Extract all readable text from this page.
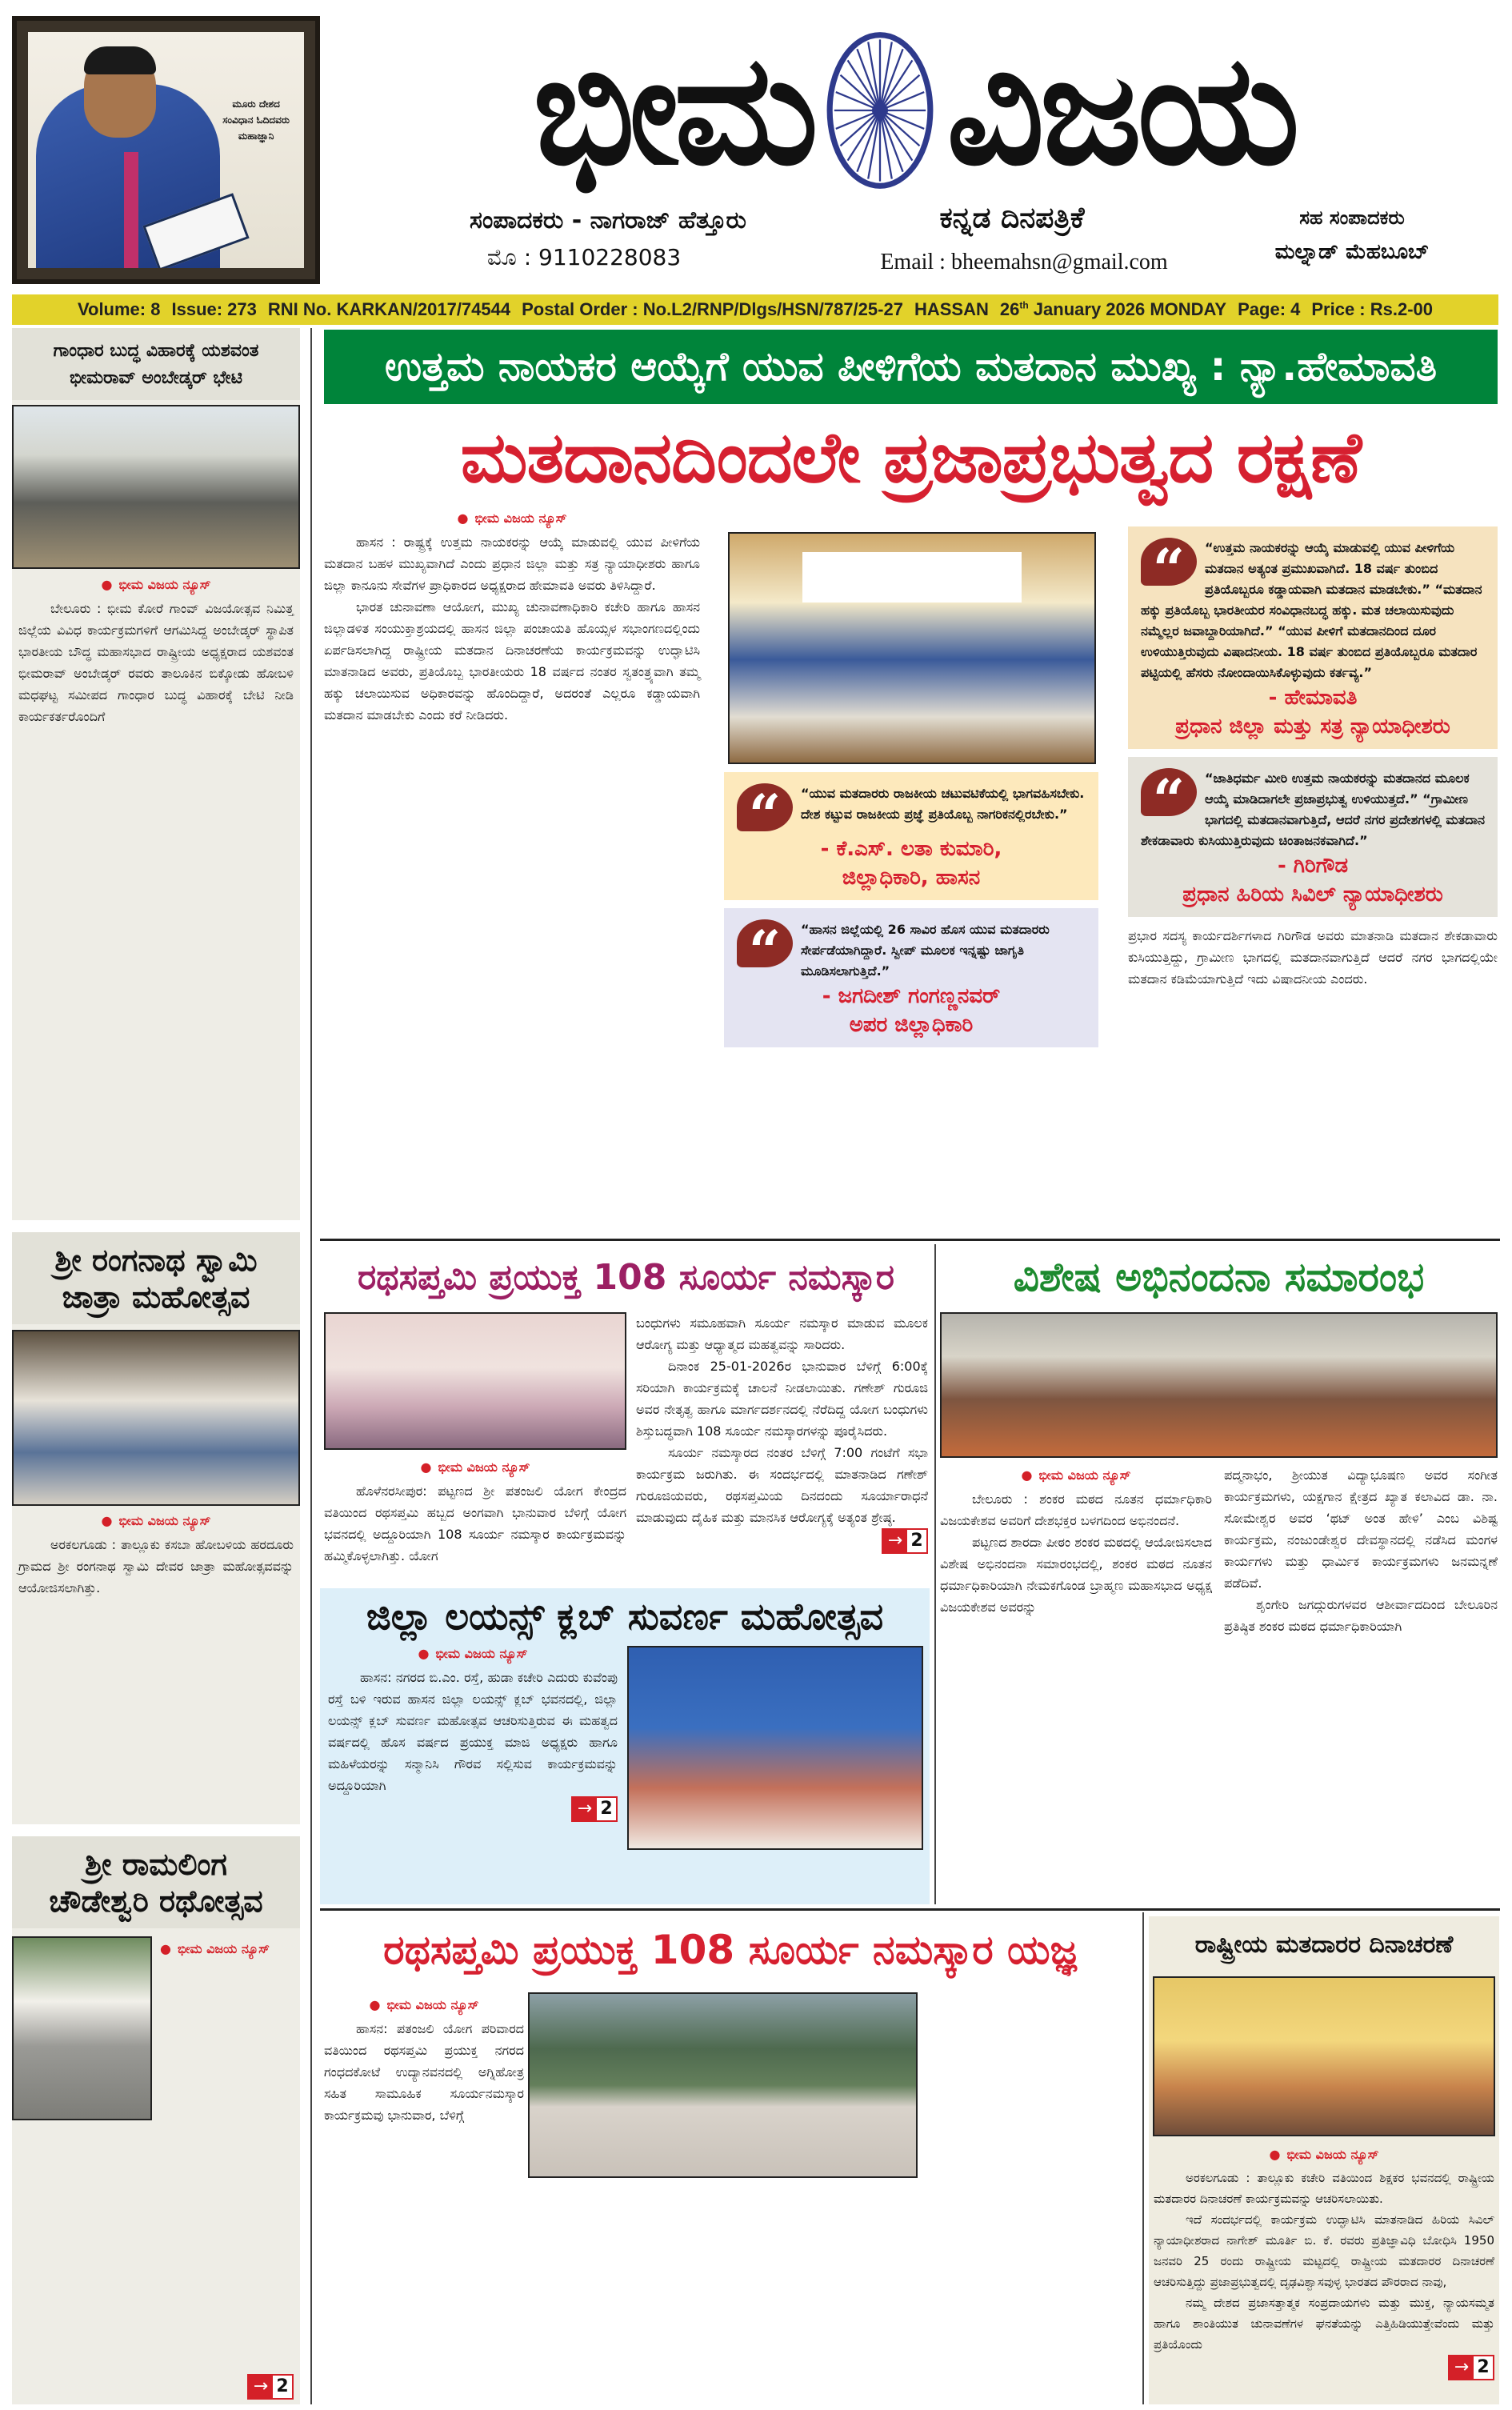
ಮೂರು ದೇಶದ
ಸಂವಿಧಾನ ಓದಿದವರು
ಮಹಾಜ್ಞಾನಿ ಭೀಮ ವಿಜಯ
ಸಂಪಾದಕರು - ನಾಗರಾಜ್ ಹೆತ್ತೂರು
ಮೊ : 9110228083
ಕನ್ನಡ ದಿನಪತ್ರಿಕೆ
Email : bheemahsn@gmail.com
ಸಹ ಸಂಪಾದಕರು
ಮಲ್ನಾಡ್ ಮೆಹಬೂಬ್
Volume: 8 Issue: 273 RNI No. KARKAN/2017/74544 Postal Order : No.L2/RNP/Dlgs/HSN/787/25-27 HASSAN 26th January 2026 MONDAY Page: 4 Price : Rs.2-00
ಗಾಂಧಾರ ಬುದ್ಧ ವಿಹಾರಕ್ಕೆ ಯಶವಂತ
ಭೀಮರಾವ್ ಅಂಬೇಡ್ಕರ್ ಭೇಟಿ
● ಭೀಮ ವಿಜಯ ನ್ಯೂಸ್

ಬೇಲೂರು : ಭೀಮ ಕೋರೆ ಗಾಂವ್ ವಿಜಯೋತ್ಸವ ನಿಮಿತ್ತ ಜಿಲ್ಲೆಯ ವಿವಿಧ ಕಾರ್ಯಕ್ರಮಗಳಿಗೆ ಆಗಮಿಸಿದ್ದ ಅಂಬೇಡ್ಕರ್ ಸ್ಥಾಪಿತ ಭಾರತೀಯ ಬೌದ್ಧ ಮಹಾಸಭಾದ ರಾಷ್ಟ್ರೀಯ ಅಧ್ಯಕ್ಷರಾದ ಯಶವಂತ ಭೀಮರಾವ್ ಅಂಬೇಡ್ಕರ್ ರವರು ತಾಲೂಕಿನ ಬಿಕ್ಕೋಡು ಹೋಬಳಿ ಮಧಘಟ್ಟ ಸಮೀಪದ ಗಾಂಧಾರ ಬುದ್ಧ ವಿಹಾರಕ್ಕೆ ಬೇಟಿ ನೀಡಿ ಕಾರ್ಯಕರ್ತರೊಂದಿಗೆ

ಶ್ರೀ ರಂಗನಾಥ ಸ್ವಾಮಿ
ಜಾತ್ರಾ ಮಹೋತ್ಸವ
● ಭೀಮ ವಿಜಯ ನ್ಯೂಸ್

ಅರಕಲಗೂಡು : ತಾಲ್ಲೂಕು ಕಸಬಾ ಹೋಬಳಿಯ ಹರದೂರು ಗ್ರಾಮದ ಶ್ರೀ ರಂಗನಾಥ ಸ್ವಾಮಿ ದೇವರ ಜಾತ್ರಾ ಮಹೋತ್ಸವವನ್ನು ಆಯೋಜಿಸಲಾಗಿತ್ತು.

ಶ್ರೀ ರಾಮಲಿಂಗ
ಚೌಡೇಶ್ವರಿ ರಥೋತ್ಸವ
● ಭೀಮ ವಿಜಯ ನ್ಯೂಸ್
→ 2
ಉತ್ತಮ ನಾಯಕರ ಆಯ್ಕೆಗೆ ಯುವ ಪೀಳಿಗೆಯ ಮತದಾನ ಮುಖ್ಯ : ನ್ಯಾ.ಹೇಮಾವತಿ
ಮತದಾನದಿಂದಲೇ ಪ್ರಜಾಪ್ರಭುತ್ವದ ರಕ್ಷಣೆ
● ಭೀಮ ವಿಜಯ ನ್ಯೂಸ್

ಹಾಸನ : ರಾಷ್ಟ್ರಕ್ಕೆ ಉತ್ತಮ ನಾಯಕರನ್ನು ಆಯ್ಕೆ ಮಾಡುವಲ್ಲಿ ಯುವ ಪೀಳಿಗೆಯ ಮತದಾನ ಬಹಳ ಮುಖ್ಯವಾಗಿದೆ ಎಂದು ಪ್ರಧಾನ ಜಿಲ್ಲಾ ಮತ್ತು ಸತ್ರ ನ್ಯಾಯಾಧೀಶರು ಹಾಗೂ ಜಿಲ್ಲಾ ಕಾನೂನು ಸೇವೆಗಳ ಪ್ರಾಧಿಕಾರದ ಅಧ್ಯಕ್ಷರಾದ ಹೇಮಾವತಿ ಅವರು ತಿಳಿಸಿದ್ದಾರೆ.

ಭಾರತ ಚುನಾವಣಾ ಆಯೋಗ, ಮುಖ್ಯ ಚುನಾವಣಾಧಿಕಾರಿ ಕಚೇರಿ ಹಾಗೂ ಹಾಸನ ಜಿಲ್ಲಾಡಳಿತ ಸಂಯುಕ್ತಾಶ್ರಯದಲ್ಲಿ ಹಾಸನ ಜಿಲ್ಲಾ ಪಂಚಾಯತಿ ಹೊಯ್ಸಳ ಸಭಾಂಗಣದಲ್ಲಿಂದು ಏರ್ಪಡಿಸಲಾಗಿದ್ದ ರಾಷ್ಟ್ರೀಯ ಮತದಾನ ದಿನಾಚರಣೆಯ ಕಾರ್ಯಕ್ರಮವನ್ನು ಉದ್ಘಾಟಿಸಿ ಮಾತನಾಡಿದ ಅವರು, ಪ್ರತಿಯೊಬ್ಬ ಭಾರತೀಯರು 18 ವರ್ಷದ ನಂತರ ಸ್ವತಂತ್ರ್ಯವಾಗಿ ತಮ್ಮ ಹಕ್ಕು ಚಲಾಯಿಸುವ ಅಧಿಕಾರವನ್ನು ಹೊಂದಿದ್ದಾರೆ, ಅದರಂತೆ ಎಲ್ಲರೂ ಕಡ್ಡಾಯವಾಗಿ ಮತದಾನ ಮಾಡಬೇಕು ಎಂದು ಕರೆ ನೀಡಿದರು.

“	“ಯುವ ಮತದಾರರು ರಾಜಕೀಯ ಚಟುವಟಿಕೆಯಲ್ಲಿ ಭಾಗವಹಿಸಬೇಕು. ದೇಶ ಕಟ್ಟುವ ರಾಜಕೀಯ ಪ್ರಜ್ಞೆ ಪ್ರತಿಯೊಬ್ಬ ನಾಗರಿಕನಲ್ಲಿರಬೇಕು.”
- ಕೆ.ಎಸ್. ಲತಾ ಕುಮಾರಿ,
ಜಿಲ್ಲಾಧಿಕಾರಿ, ಹಾಸನ
“	“ಹಾಸನ ಜಿಲ್ಲೆಯಲ್ಲಿ 26 ಸಾವಿರ ಹೊಸ ಯುವ ಮತದಾರರು ಸೇರ್ಪಡೆಯಾಗಿದ್ದಾರೆ. ಸ್ವೀಪ್ ಮೂಲಕ ಇನ್ನಷ್ಟು ಜಾಗೃತಿ ಮೂಡಿಸಲಾಗುತ್ತಿದೆ.”
- ಜಗದೀಶ್ ಗಂಗಣ್ಣನವರ್
ಅಪರ ಜಿಲ್ಲಾಧಿಕಾರಿ
“	“ಉತ್ತಮ ನಾಯಕರನ್ನು ಆಯ್ಕೆ ಮಾಡುವಲ್ಲಿ ಯುವ ಪೀಳಿಗೆಯ ಮತದಾನ ಅತ್ಯಂತ ಪ್ರಮುಖವಾಗಿದೆ. 18 ವರ್ಷ ತುಂಬಿದ ಪ್ರತಿಯೊಬ್ಬರೂ ಕಡ್ಡಾಯವಾಗಿ ಮತದಾನ ಮಾಡಬೇಕು.” “ಮತದಾನ ಹಕ್ಕು ಪ್ರತಿಯೊಬ್ಬ ಭಾರತೀಯರ ಸಂವಿಧಾನಬದ್ಧ ಹಕ್ಕು. ಮತ ಚಲಾಯಿಸುವುದು ನಮ್ಮೆಲ್ಲರ ಜವಾಬ್ದಾರಿಯಾಗಿದೆ.” “ಯುವ ಪೀಳಿಗೆ ಮತದಾನದಿಂದ ದೂರ ಉಳಿಯುತ್ತಿರುವುದು ವಿಷಾದನೀಯ. 18 ವರ್ಷ ತುಂಬಿದ ಪ್ರತಿಯೊಬ್ಬರೂ ಮತದಾರ ಪಟ್ಟಿಯಲ್ಲಿ ಹೆಸರು ನೋಂದಾಯಿಸಿಕೊಳ್ಳುವುದು ಕರ್ತವ್ಯ.”
- ಹೇಮಾವತಿ
ಪ್ರಧಾನ ಜಿಲ್ಲಾ ಮತ್ತು ಸತ್ರ ನ್ಯಾಯಾಧೀಶರು
“	“ಜಾತಿಧರ್ಮ ಮೀರಿ ಉತ್ತಮ ನಾಯಕರನ್ನು ಮತದಾನದ ಮೂಲಕ ಆಯ್ಕೆ ಮಾಡಿದಾಗಲೇ ಪ್ರಜಾಪ್ರಭುತ್ವ ಉಳಿಯುತ್ತದೆ.” “ಗ್ರಾಮೀಣ ಭಾಗದಲ್ಲಿ ಮತದಾನವಾಗುತ್ತಿದೆ, ಆದರೆ ನಗರ ಪ್ರದೇಶಗಳಲ್ಲಿ ಮತದಾನ ಶೇಕಡಾವಾರು ಕುಸಿಯುತ್ತಿರುವುದು ಚಿಂತಾಜನಕವಾಗಿದೆ.”
- ಗಿರಿಗೌಡ
ಪ್ರಧಾನ ಹಿರಿಯ ಸಿವಿಲ್ ನ್ಯಾಯಾಧೀಶರು

ಪ್ರಭಾರ ಸದಸ್ಯ ಕಾರ್ಯದರ್ಶಿಗಳಾದ ಗಿರಿಗೌಡ ಅವರು ಮಾತನಾಡಿ ಮತದಾನ ಶೇಕಡಾವಾರು ಕುಸಿಯುತ್ತಿದ್ದು, ಗ್ರಾಮೀಣ ಭಾಗದಲ್ಲಿ ಮತದಾನವಾಗುತ್ತಿದೆ ಆದರೆ ನಗರ ಭಾಗದಲ್ಲಿಯೇ ಮತದಾನ ಕಡಿಮೆಯಾಗುತ್ತಿದೆ ಇದು ವಿಷಾದನೀಯ ಎಂದರು.

ರಥಸಪ್ತಮಿ ಪ್ರಯುಕ್ತ 108 ಸೂರ್ಯ ನಮಸ್ಕಾರ
● ಭೀಮ ವಿಜಯ ನ್ಯೂಸ್

ಹೊಳೆನರಸೀಪುರ: ಪಟ್ಟಣದ ಶ್ರೀ ಪತಂಜಲಿ ಯೋಗ ಕೇಂದ್ರದ ವತಿಯಿಂದ ರಥಸಪ್ತಮಿ ಹಬ್ಬದ ಅಂಗವಾಗಿ ಭಾನುವಾರ ಬೆಳಿಗ್ಗೆ ಯೋಗ ಭವನದಲ್ಲಿ ಅದ್ದೂರಿಯಾಗಿ 108 ಸೂರ್ಯ ನಮಸ್ಕಾರ ಕಾರ್ಯಕ್ರಮವನ್ನು ಹಮ್ಮಿಕೊಳ್ಳಲಾಗಿತ್ತು. ಯೋಗ

ಬಂಧುಗಳು ಸಮೂಹವಾಗಿ ಸೂರ್ಯ ನಮಸ್ಕಾರ ಮಾಡುವ ಮೂಲಕ ಆರೋಗ್ಯ ಮತ್ತು ಆಧ್ಯಾತ್ಮದ ಮಹತ್ವವನ್ನು ಸಾರಿದರು.

ದಿನಾಂಕ 25-01-2026ರ ಭಾನುವಾರ ಬೆಳಿಗ್ಗೆ 6:00ಕ್ಕೆ ಸರಿಯಾಗಿ ಕಾರ್ಯಕ್ರಮಕ್ಕೆ ಚಾಲನೆ ನೀಡಲಾಯಿತು. ಗಣೇಶ್ ಗುರೂಜಿ ಅವರ ನೇತೃತ್ವ ಹಾಗೂ ಮಾರ್ಗದರ್ಶನದಲ್ಲಿ ನೆರೆದಿದ್ದ ಯೋಗ ಬಂಧುಗಳು ಶಿಸ್ತುಬದ್ಧವಾಗಿ 108 ಸೂರ್ಯ ನಮಸ್ಕಾರಗಳನ್ನು ಪೂರೈಸಿದರು.

ಸೂರ್ಯ ನಮಸ್ಕಾರದ ನಂತರ ಬೆಳಿಗ್ಗೆ 7:00 ಗಂಟೆಗೆ ಸಭಾ ಕಾರ್ಯಕ್ರಮ ಜರುಗಿತು. ಈ ಸಂದರ್ಭದಲ್ಲಿ ಮಾತನಾಡಿದ ಗಣೇಶ್ ಗುರೂಜಿಯವರು, ರಥಸಪ್ತಮಿಯ ದಿನದಂದು ಸೂರ್ಯಾರಾಧನೆ ಮಾಡುವುದು ದೈಹಿಕ ಮತ್ತು ಮಾನಸಿಕ ಆರೋಗ್ಯಕ್ಕೆ ಅತ್ಯಂತ ಶ್ರೇಷ್ಠ.

→ 2
ವಿಶೇಷ ಅಭಿನಂದನಾ ಸಮಾರಂಭ
● ಭೀಮ ವಿಜಯ ನ್ಯೂಸ್

ಬೇಲೂರು : ಶಂಕರ ಮಠದ ನೂತನ ಧರ್ಮಾಧಿಕಾರಿ ವಿಜಯಕೇಶವ ಅವರಿಗೆ ದೇಶಭಕ್ತರ ಬಳಗದಿಂದ ಅಭಿನಂದನೆ.

ಪಟ್ಟಣದ ಶಾರದಾ ಪೀಠಂ ಶಂಕರ ಮಠದಲ್ಲಿ ಆಯೋಜಿಸಲಾದ ವಿಶೇಷ ಅಭಿನಂದನಾ ಸಮಾರಂಭದಲ್ಲಿ, ಶಂಕರ ಮಠದ ನೂತನ ಧರ್ಮಾಧಿಕಾರಿಯಾಗಿ ನೇಮಕಗೊಂಡ ಬ್ರಾಹ್ಮಣ ಮಹಾಸಭಾದ ಅಧ್ಯಕ್ಷ ವಿಜಯಕೇಶವ ಅವರನ್ನು

ಪದ್ಮನಾಭಂ, ಶ್ರೀಯುತ ವಿದ್ಯಾಭೂಷಣ ಅವರ ಸಂಗೀತ ಕಾರ್ಯಕ್ರಮಗಳು, ಯಕ್ಷಗಾನ ಕ್ಷೇತ್ರದ ಖ್ಯಾತ ಕಲಾವಿದ ಡಾ. ನಾ. ಸೋಮೇಶ್ವರ ಅವರ ‘ಥಟ್ ಅಂತ ಹೇಳಿ’ ಎಂಬ ವಿಶಿಷ್ಟ ಕಾರ್ಯಕ್ರಮ, ನಂಜುಂಡೇಶ್ವರ ದೇವಸ್ಥಾನದಲ್ಲಿ ನಡೆಸಿದ ಮಂಗಳ ಕಾರ್ಯಗಳು ಮತ್ತು ಧಾರ್ಮಿಕ ಕಾರ್ಯಕ್ರಮಗಳು ಜನಮನ್ನಣೆ ಪಡೆದಿವೆ.

ಶೃಂಗೇರಿ ಜಗದ್ಗುರುಗಳವರ ಆಶೀರ್ವಾದದಿಂದ ಬೇಲೂರಿನ ಪ್ರತಿಷ್ಠಿತ ಶಂಕರ ಮಠದ ಧರ್ಮಾಧಿಕಾರಿಯಾಗಿ

ಜಿಲ್ಲಾ ಲಯನ್ಸ್ ಕ್ಲಬ್ ಸುವರ್ಣ ಮಹೋತ್ಸವ
● ಭೀಮ ವಿಜಯ ನ್ಯೂಸ್

ಹಾಸನ: ನಗರದ ಬಿ.ಎಂ. ರಸ್ತೆ, ಹುಡಾ ಕಚೇರಿ ಎದುರು ಕುವೆಂಪು ರಸ್ತೆ ಬಳಿ ಇರುವ ಹಾಸನ ಜಿಲ್ಲಾ ಲಯನ್ಸ್ ಕ್ಲಬ್ ಭವನದಲ್ಲಿ, ಜಿಲ್ಲಾ ಲಯನ್ಸ್ ಕ್ಲಬ್ ಸುವರ್ಣ ಮಹೋತ್ಸವ ಆಚರಿಸುತ್ತಿರುವ ಈ ಮಹತ್ವದ ವರ್ಷದಲ್ಲಿ ಹೊಸ ವರ್ಷದ ಪ್ರಯುಕ್ತ ಮಾಜಿ ಅಧ್ಯಕ್ಷರು ಹಾಗೂ ಮಹಿಳೆಯರನ್ನು ಸನ್ಮಾನಿಸಿ ಗೌರವ ಸಲ್ಲಿಸುವ ಕಾರ್ಯಕ್ರಮವನ್ನು ಅದ್ದೂರಿಯಾಗಿ

→ 2
ರಥಸಪ್ತಮಿ ಪ್ರಯುಕ್ತ 108 ಸೂರ್ಯ ನಮಸ್ಕಾರ ಯಜ್ಞ
● ಭೀಮ ವಿಜಯ ನ್ಯೂಸ್

ಹಾಸನ: ಪತಂಜಲಿ ಯೋಗ ಪರಿವಾರದ ವತಿಯಿಂದ ರಥಸಪ್ತಮಿ ಪ್ರಯುಕ್ತ ನಗರದ ಗಂಧದಕೋಟೆ ಉದ್ಯಾನವನದಲ್ಲಿ ಅಗ್ನಿಹೋತ್ರ ಸಹಿತ ಸಾಮೂಹಿಕ ಸೂರ್ಯನಮಸ್ಕಾರ ಕಾರ್ಯಕ್ರಮವು ಭಾನುವಾರ, ಬೆಳಿಗ್ಗೆ

ರಾಷ್ಟ್ರೀಯ ಮತದಾರರ ದಿನಾಚರಣೆ
● ಭೀಮ ವಿಜಯ ನ್ಯೂಸ್

ಅರಕಲಗೂಡು : ತಾಲ್ಲೂಕು ಕಚೇರಿ ವತಿಯಿಂದ ಶಿಕ್ಷಕರ ಭವನದಲ್ಲಿ ರಾಷ್ಟ್ರೀಯ ಮತದಾರರ ದಿನಾಚರಣೆ ಕಾರ್ಯಕ್ರಮವನ್ನು ಆಚರಿಸಲಾಯಿತು.

ಇದೆ ಸಂದರ್ಭದಲ್ಲಿ ಕಾರ್ಯಕ್ರಮ ಉದ್ಘಾಟಿಸಿ ಮಾತನಾಡಿದ ಹಿರಿಯ ಸಿವಿಲ್ ನ್ಯಾಯಾಧೀಶರಾದ ನಾಗೇಶ್ ಮೂರ್ತಿ ಬಿ. ಕೆ. ರವರು ಪ್ರತಿಜ್ಞಾವಿಧಿ ಬೋಧಿಸಿ 1950 ಜನವರಿ 25 ರಂದು ರಾಷ್ಟ್ರೀಯ ಮಟ್ಟದಲ್ಲಿ ರಾಷ್ಟ್ರೀಯ ಮತದಾರರ ದಿನಾಚರಣೆ ಆಚರಿಸುತ್ತಿದ್ದು ಪ್ರಜಾಪ್ರಭುತ್ವದಲ್ಲಿ ದೃಢವಿಶ್ವಾಸವುಳ್ಳ ಭಾರತದ ಪೌರರಾದ ನಾವು,

ನಮ್ಮ ದೇಶದ ಪ್ರಜಾಸತ್ತಾತ್ಮಕ ಸಂಪ್ರದಾಯಗಳು ಮತ್ತು ಮುಕ್ತ, ನ್ಯಾಯಸಮ್ಮತ ಹಾಗೂ ಶಾಂತಿಯುತ ಚುನಾವಣೆಗಳ ಘನತೆಯನ್ನು ಎತ್ತಿಹಿಡಿಯುತ್ತೇವೆಂದು ಮತ್ತು ಪ್ರತಿಯೊಂದು

→ 2
